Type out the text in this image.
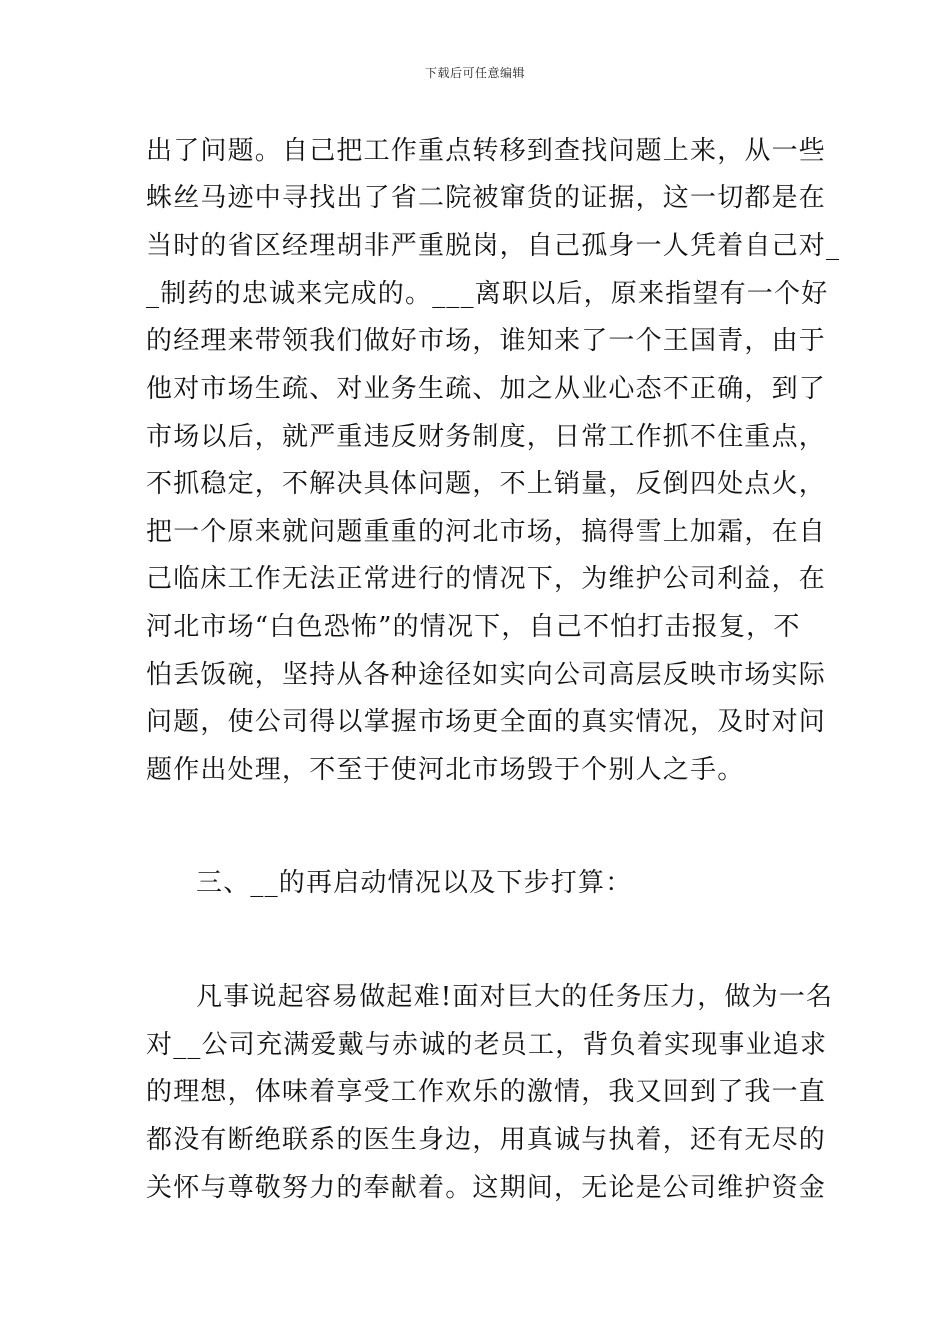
下载后可任意编辑
出了问题。自己把工作重点转移到查找问题上来，从一些
蛛丝马迹中寻找出了省二院被窜货的证据，这一切都是在
当时的省区经理胡非严重脱岗，自己孤身一人凭着自己对_
_制药的忠诚来完成的。___离职以后，原来指望有一个好
的经理来带领我们做好市场，谁知来了一个王国青，由于
他对市场生疏、对业务生疏、加之从业心态不正确，到了
市场以后，就严重违反财务制度，日常工作抓不住重点，
不抓稳定，不解决具体问题，不上销量，反倒四处点火，
把一个原来就问题重重的河北市场，搞得雪上加霜，在自
己临床工作无法正常进行的情况下，为维护公司利益，在
河北市场“白色恐怖”的情况下，自己不怕打击报复，不
怕丢饭碗，坚持从各种途径如实向公司高层反映市场实际
问题，使公司得以掌握市场更全面的真实情况，及时对问
题作出处理，不至于使河北市场毁于个别人之手。
三、__的再启动情况以及下步打算：
凡事说起容易做起难!面对巨大的任务压力，做为一名
对__公司充满爱戴与赤诚的老员工，背负着实现事业追求
的理想，体味着享受工作欢乐的激情，我又回到了我一直
都没有断绝联系的医生身边，用真诚与执着，还有无尽的
关怀与尊敬努力的奉献着。这期间，无论是公司维护资金
